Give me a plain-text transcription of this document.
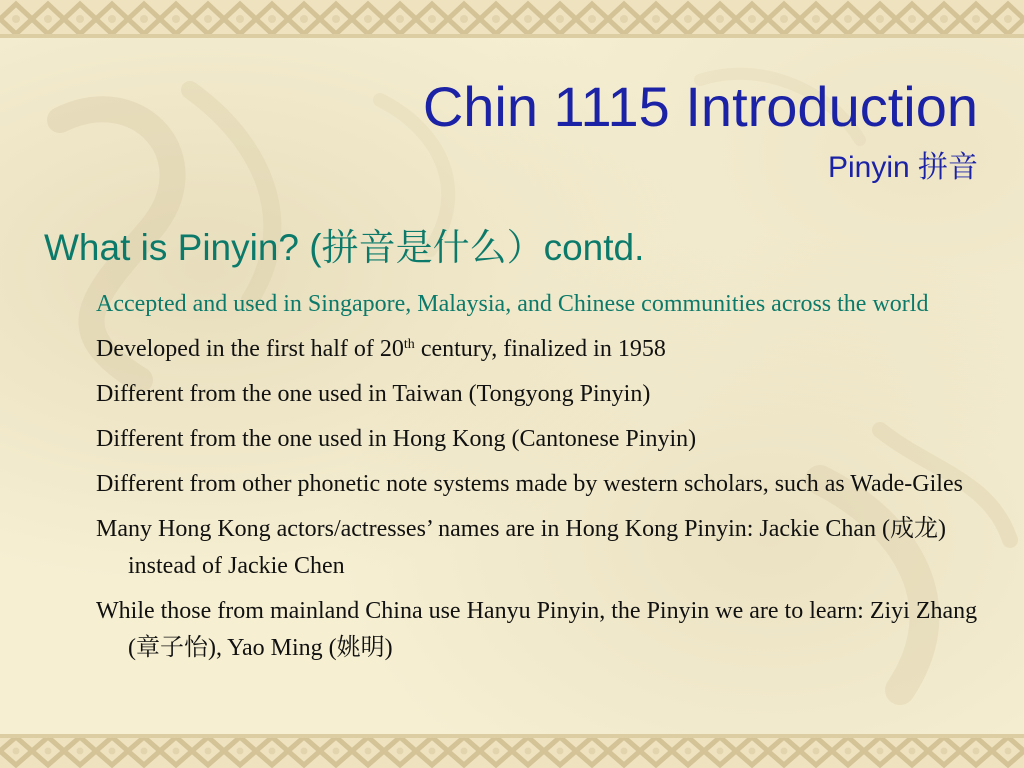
Chin 1115 Introduction
Pinyin 拼音
What is Pinyin? (拼音是什么）contd.
Accepted and used in Singapore, Malaysia, and Chinese communities across the world
Developed in the first half of 20th century, finalized in 1958
Different from the one used in Taiwan (Tongyong Pinyin)
Different from the one used in Hong Kong (Cantonese Pinyin)
Different from other phonetic note systems made by western scholars, such as Wade-Giles
Many Hong Kong actors/actresses’ names are in Hong Kong Pinyin: Jackie Chan (成龙) instead of Jackie Chen
While those from mainland China use Hanyu Pinyin, the Pinyin we are to learn: Ziyi Zhang (章子怡), Yao Ming (姚明)
